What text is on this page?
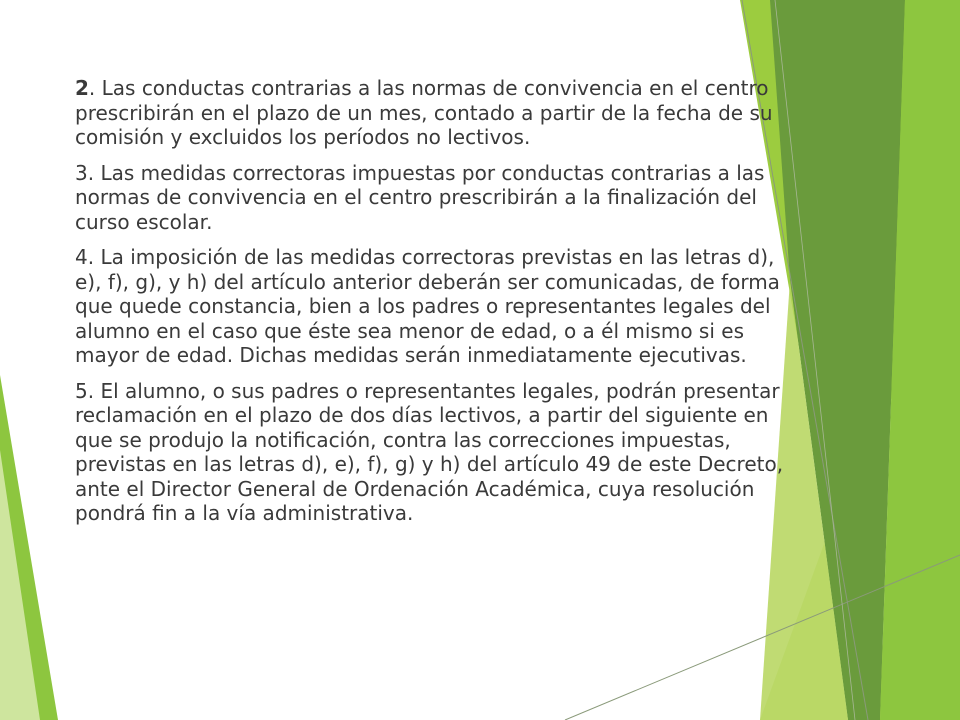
2. Las conductas contrarias a las normas de convivencia en el centro prescribirán en el plazo de un mes, contado a partir de la fecha de su comisión y excluidos los períodos no lectivos.

3. Las medidas correctoras impuestas por conductas contrarias a las normas de convivencia en el centro prescribirán a la finalización del curso escolar.

4. La imposición de las medidas correctoras previstas en las letras d), e), f), g), y h) del artículo anterior deberán ser comunicadas, de forma que quede constancia, bien a los padres o representantes legales del alumno en el caso que éste sea menor de edad, o a él mismo si es mayor de edad. Dichas medidas serán inmediatamente ejecutivas.

5. El alumno, o sus padres o representantes legales, podrán presentar reclamación en el plazo de dos días lectivos, a partir del siguiente en que se produjo la notificación, contra las correcciones impuestas, previstas en las letras d), e), f), g) y h) del artículo 49 de este Decreto, ante el Director General de Ordenación Académica, cuya resolución pondrá fin a la vía administrativa.
